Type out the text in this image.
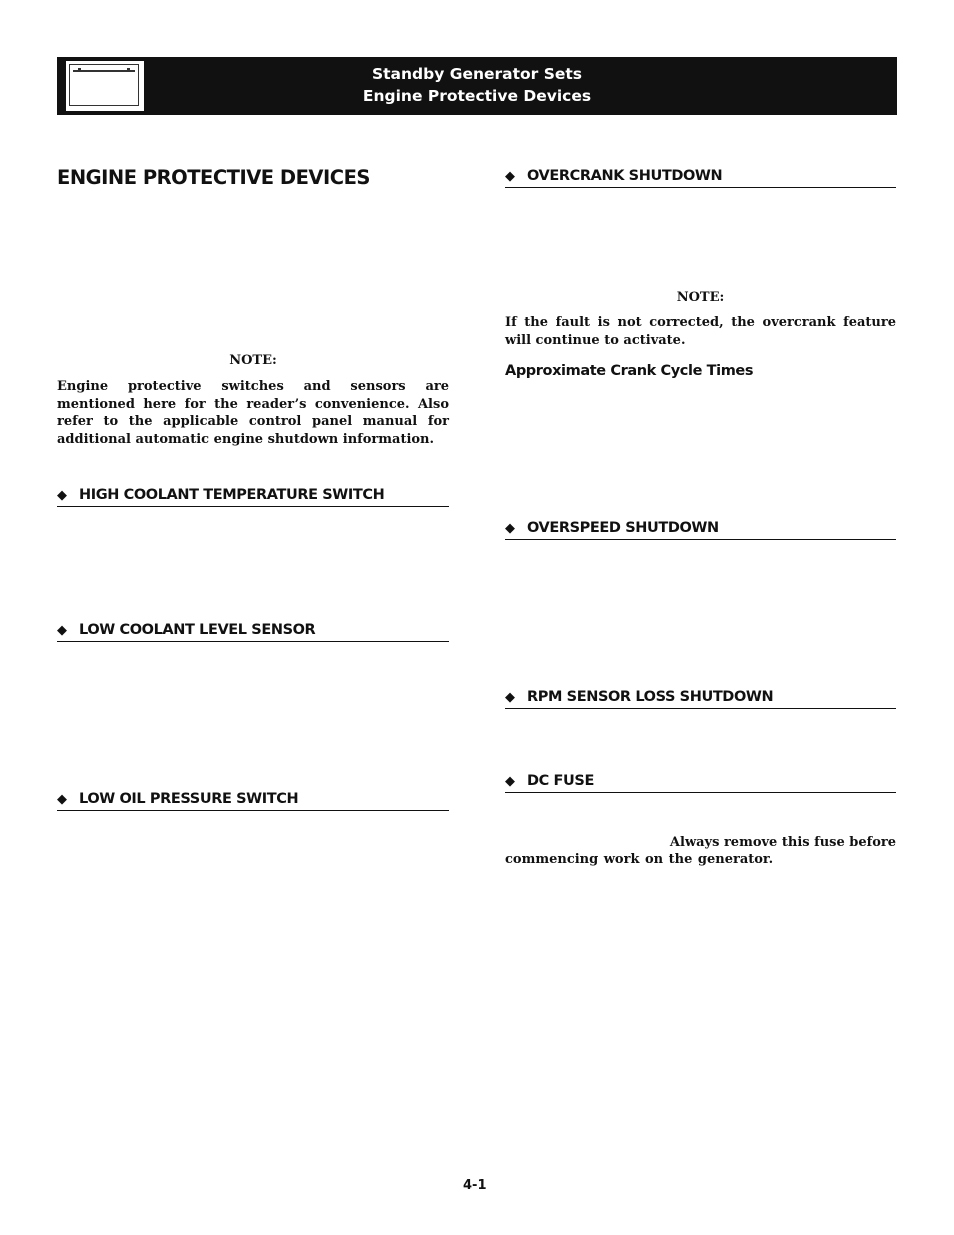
Standby Generator Sets
Engine Protective Devices
ENGINE PROTECTIVE DEVICES
NOTE:
Engine protective switches and sensors are mentioned here for the reader’s convenience. Also refer to the applicable control panel manual for additional automatic engine shutdown information.
◆ HIGH COOLANT TEMPERATURE SWITCH
◆ LOW COOLANT LEVEL SENSOR
◆ LOW OIL PRESSURE SWITCH
◆ OVERCRANK SHUTDOWN
NOTE:
If the fault is not corrected, the overcrank feature will continue to activate.
Approximate Crank Cycle Times
◆ OVERSPEED SHUTDOWN
◆ RPM SENSOR LOSS SHUTDOWN
◆ DC FUSE
Always remove this fuse before
commencing work on the generator.
4-1
